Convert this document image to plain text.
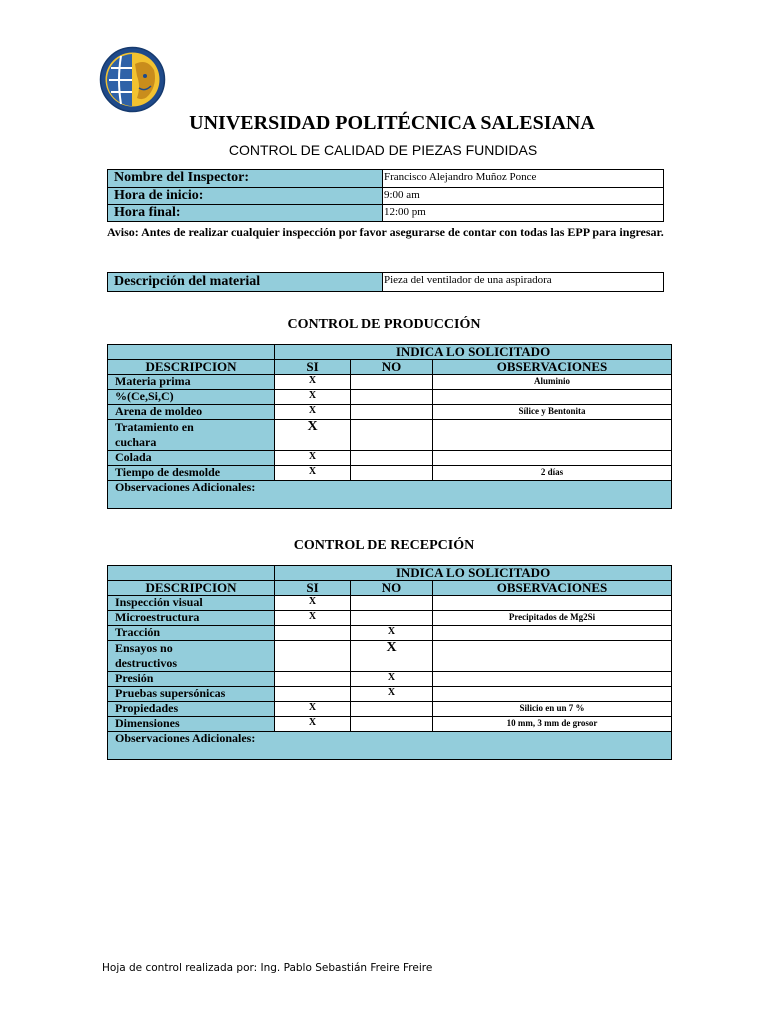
UNIVERSIDAD POLITÉCNICA SALESIANA
CONTROL DE CALIDAD DE PIEZAS FUNDIDAS
Nombre del Inspector:	Francisco Alejandro Muñoz Ponce
Hora de inicio:	9:00 am
Hora final:	12:00 pm
Aviso: Antes de realizar cualquier inspección por favor asegurarse de contar con todas las EPP para ingresar.
Descripción del material	Pieza del ventilador de una aspiradora
CONTROL DE PRODUCCIÓN
	INDICA LO SOLICITADO		
DESCRIPCION	SI	NO	OBSERVACIONES
Materia prima	X		Aluminio
%(Ce,Si,C)	X		
Arena de moldeo	X		Sílice y Bentonita
Tratamiento en cuchara	X		
Colada	X		
Tiempo de desmolde	X		2 días
Observaciones Adicionales:			
CONTROL DE RECEPCIÓN
	INDICA LO SOLICITADO		
DESCRIPCION	SI	NO	OBSERVACIONES
Inspección visual	X		
Microestructura	X		Precipitados de Mg2Si
Tracción		X	
Ensayos no destructivos		X	
Presión		X	
Pruebas supersónicas		X	
Propiedades	X		Silicio en un 7 %
Dimensiones	X		10 mm, 3 mm de grosor
Observaciones Adicionales:			
Hoja de control realizada por: Ing. Pablo Sebastián Freire Freire
